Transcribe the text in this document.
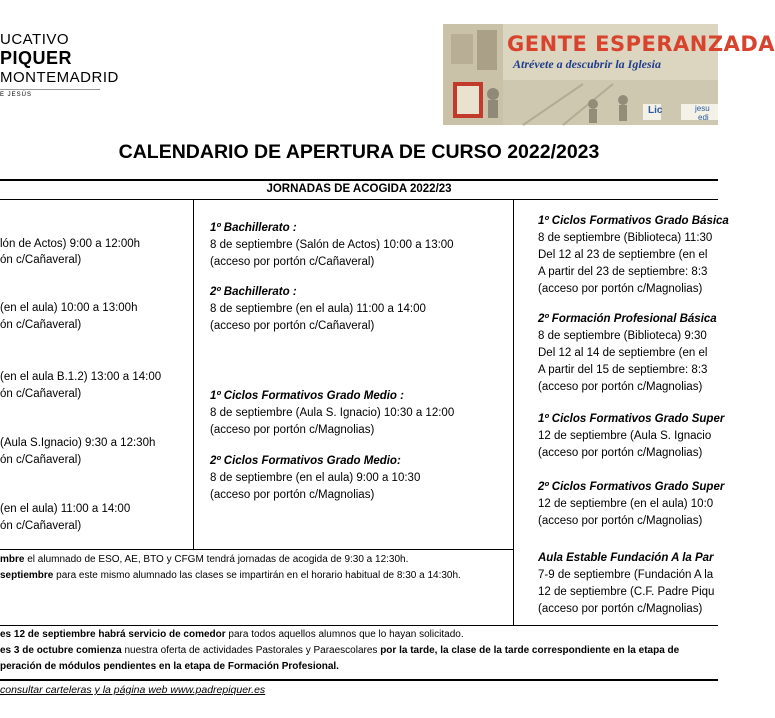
UCATIVO
PIQUER
MONTEMADRID
E JESÚS
GENTE ESPERANZADA
Atrévete a descubrir la Iglesia
Lic	jesu
edi
CALENDARIO DE APERTURA DE CURSO 2022/2023
JORNADAS DE ACOGIDA 2022/23
lón de Actos) 9:00 a 12:00h
ón c/Cañaveral)
(en el aula) 10:00 a 13:00h
ón c/Cañaveral)
(en el aula B.1.2) 13:00 a 14:00
ón c/Cañaveral)
(Aula S.Ignacio) 9:30 a 12:30h
ón c/Cañaveral)
(en el aula) 11:00 a 14:00
ón c/Cañaveral)
1º Bachillerato :
8 de septiembre (Salón de Actos) 10:00 a 13:00
(acceso por portón c/Cañaveral)
2º Bachillerato :
8 de septiembre (en el aula) 11:00 a 14:00
(acceso por portón c/Cañaveral)
1º Ciclos Formativos Grado Medio :
8 de septiembre (Aula S. Ignacio) 10:30 a 12:00
(acceso por portón c/Magnolias)
2º Ciclos Formativos Grado Medio:
8 de septiembre (en el aula) 9:00 a 10:30
(acceso por portón c/Magnolias)
1º Ciclos Formativos Grado Básica
8 de septiembre (Biblioteca) 11:30
Del 12 al 23 de septiembre (en el
A partir del 23 de septiembre: 8:3
(acceso por portón c/Magnolias)
2º Formación Profesional Básica
8 de septiembre (Biblioteca) 9:30
Del 12 al 14 de septiembre (en el
A partir del 15 de septiembre: 8:3
(acceso por portón c/Magnolias)
1º Ciclos Formativos Grado Super
12 de septiembre (Aula S. Ignacio
(acceso por portón c/Magnolias)
2º Ciclos Formativos Grado Super
12 de septiembre (en el aula) 10:0
(acceso por portón c/Magnolias)
Aula Estable Fundación A la Par
7-9 de septiembre (Fundación A la
12 de septiembre (C.F. Padre Piqu
(acceso por portón c/Magnolias)
mbre el alumnado de ESO, AE, BTO y CFGM tendrá jornadas de acogida de 9:30 a 12:30h.
septiembre para este mismo alumnado las clases se impartirán en el horario habitual de 8:30 a 14:30h.
es 12 de septiembre habrá servicio de comedor para todos aquellos alumnos que lo hayan solicitado.
es 3 de octubre comienza nuestra oferta de actividades Pastorales y Paraescolares por la tarde, la clase de la tarde correspondiente en la etapa de
peración de módulos pendientes en la etapa de Formación Profesional.
consultar carteleras y la página web www.padrepiquer.es
